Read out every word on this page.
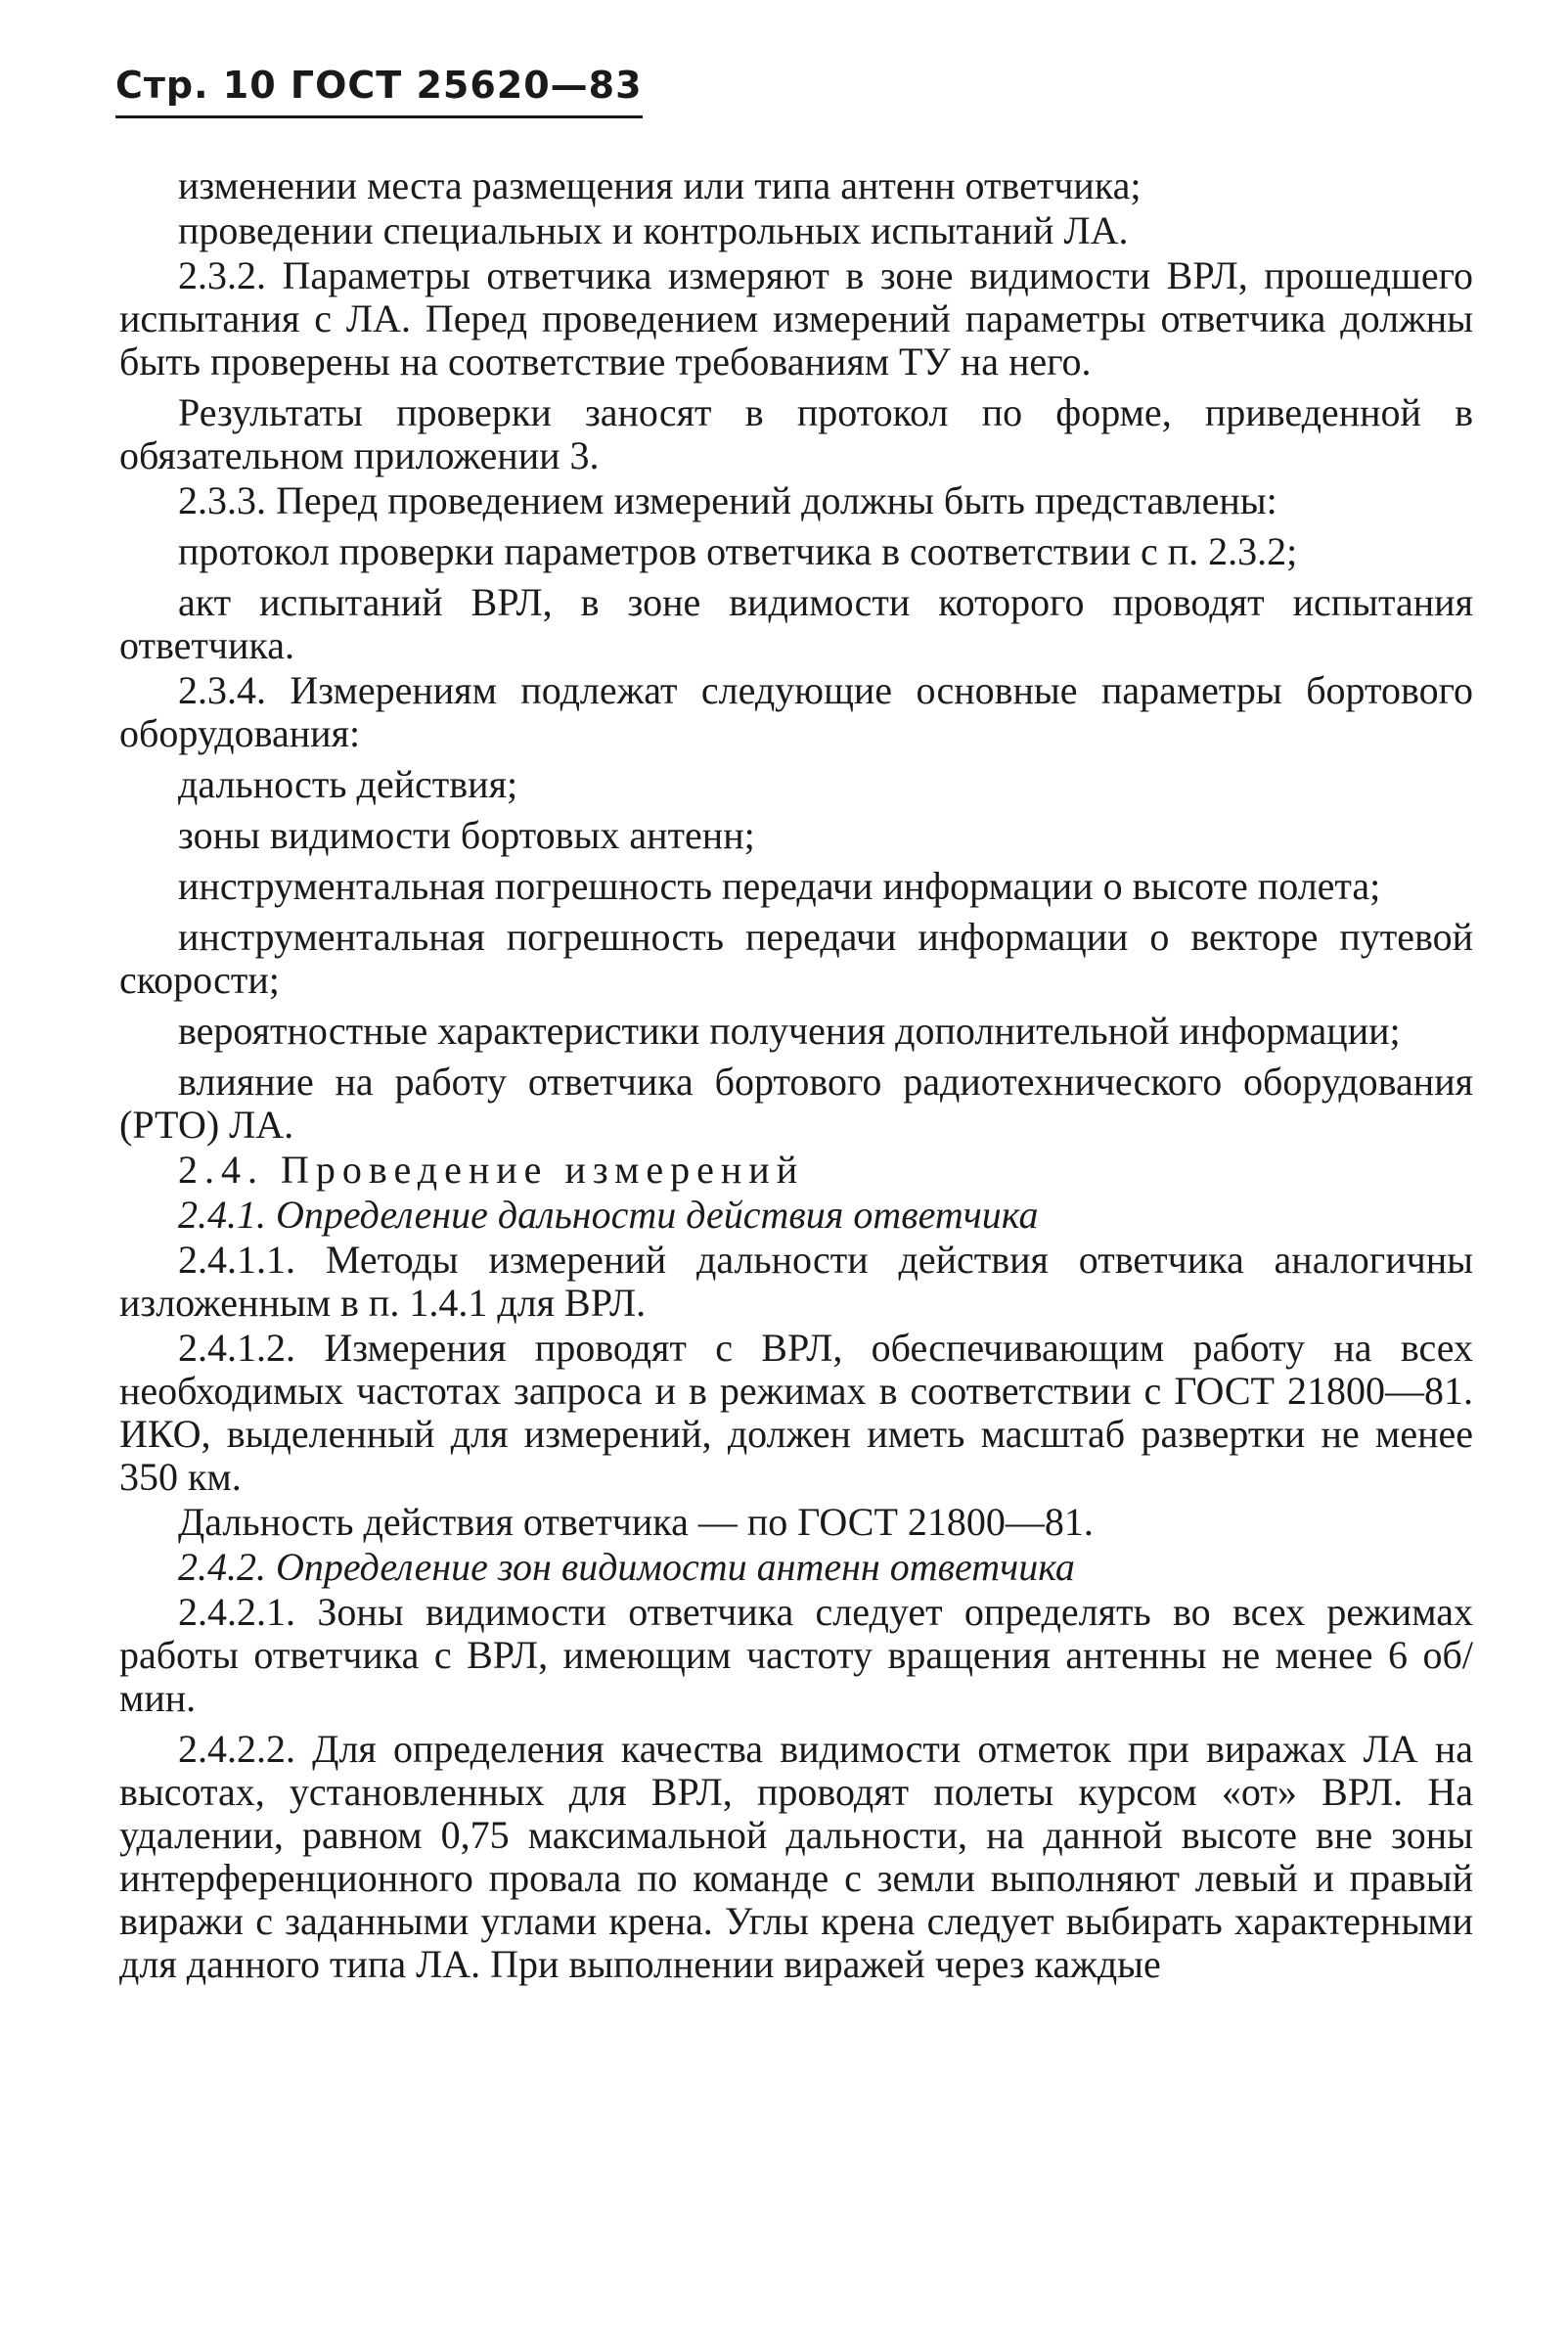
Стр. 10 ГОСТ 25620—83

изменении места размещения или типа антенн ответчика;

проведении специальных и контрольных испытаний ЛА.

2.3.2. Параметры ответчика измеряют в зоне видимости ВРЛ, прошедшего испытания с ЛА. Перед проведением измерений параметры ответчика должны быть проверены на соответствие требованиям ТУ на него.

Результаты проверки заносят в протокол по форме, приведенной в обязательном приложении 3.

2.3.3. Перед проведением измерений должны быть представлены:

протокол проверки параметров ответчика в соответствии с п. 2.3.2;

акт испытаний ВРЛ, в зоне видимости которого проводят испытания ответчика.

2.3.4. Измерениям подлежат следующие основные параметры бортового оборудования:

дальность действия;

зоны видимости бортовых антенн;

инструментальная погрешность передачи информации о высоте полета;

инструментальная погрешность передачи информации о векторе путевой скорости;

вероятностные характеристики получения дополнительной информации;

влияние на работу ответчика бортового радиотехнического оборудования (РТО) ЛА.

2.4. Проведение измерений

2.4.1. Определение дальности действия ответчика

2.4.1.1. Методы измерений дальности действия ответчика аналогичны изложенным в п. 1.4.1 для ВРЛ.

2.4.1.2. Измерения проводят с ВРЛ, обеспечивающим работу на всех необходимых частотах запроса и в режимах в соответствии с ГОСТ 21800—81. ИКО, выделенный для измерений, должен иметь масштаб развертки не менее 350 км.

Дальность действия ответчика — по ГОСТ 21800—81.

2.4.2. Определение зон видимости антенн ответчика

2.4.2.1. Зоны видимости ответчика следует определять во всех режимах работы ответчика с ВРЛ, имеющим частоту вращения антенны не менее 6 об/мин.

2.4.2.2. Для определения качества видимости отметок при виражах ЛА на высотах, установленных для ВРЛ, проводят полеты курсом «от» ВРЛ. На удалении, равном 0,75 максимальной дальности, на данной высоте вне зоны интерференционного провала по команде с земли выполняют левый и правый виражи с заданными углами крена. Углы крена следует выбирать характерными для данного типа ЛА. При выполнении виражей через каждые
